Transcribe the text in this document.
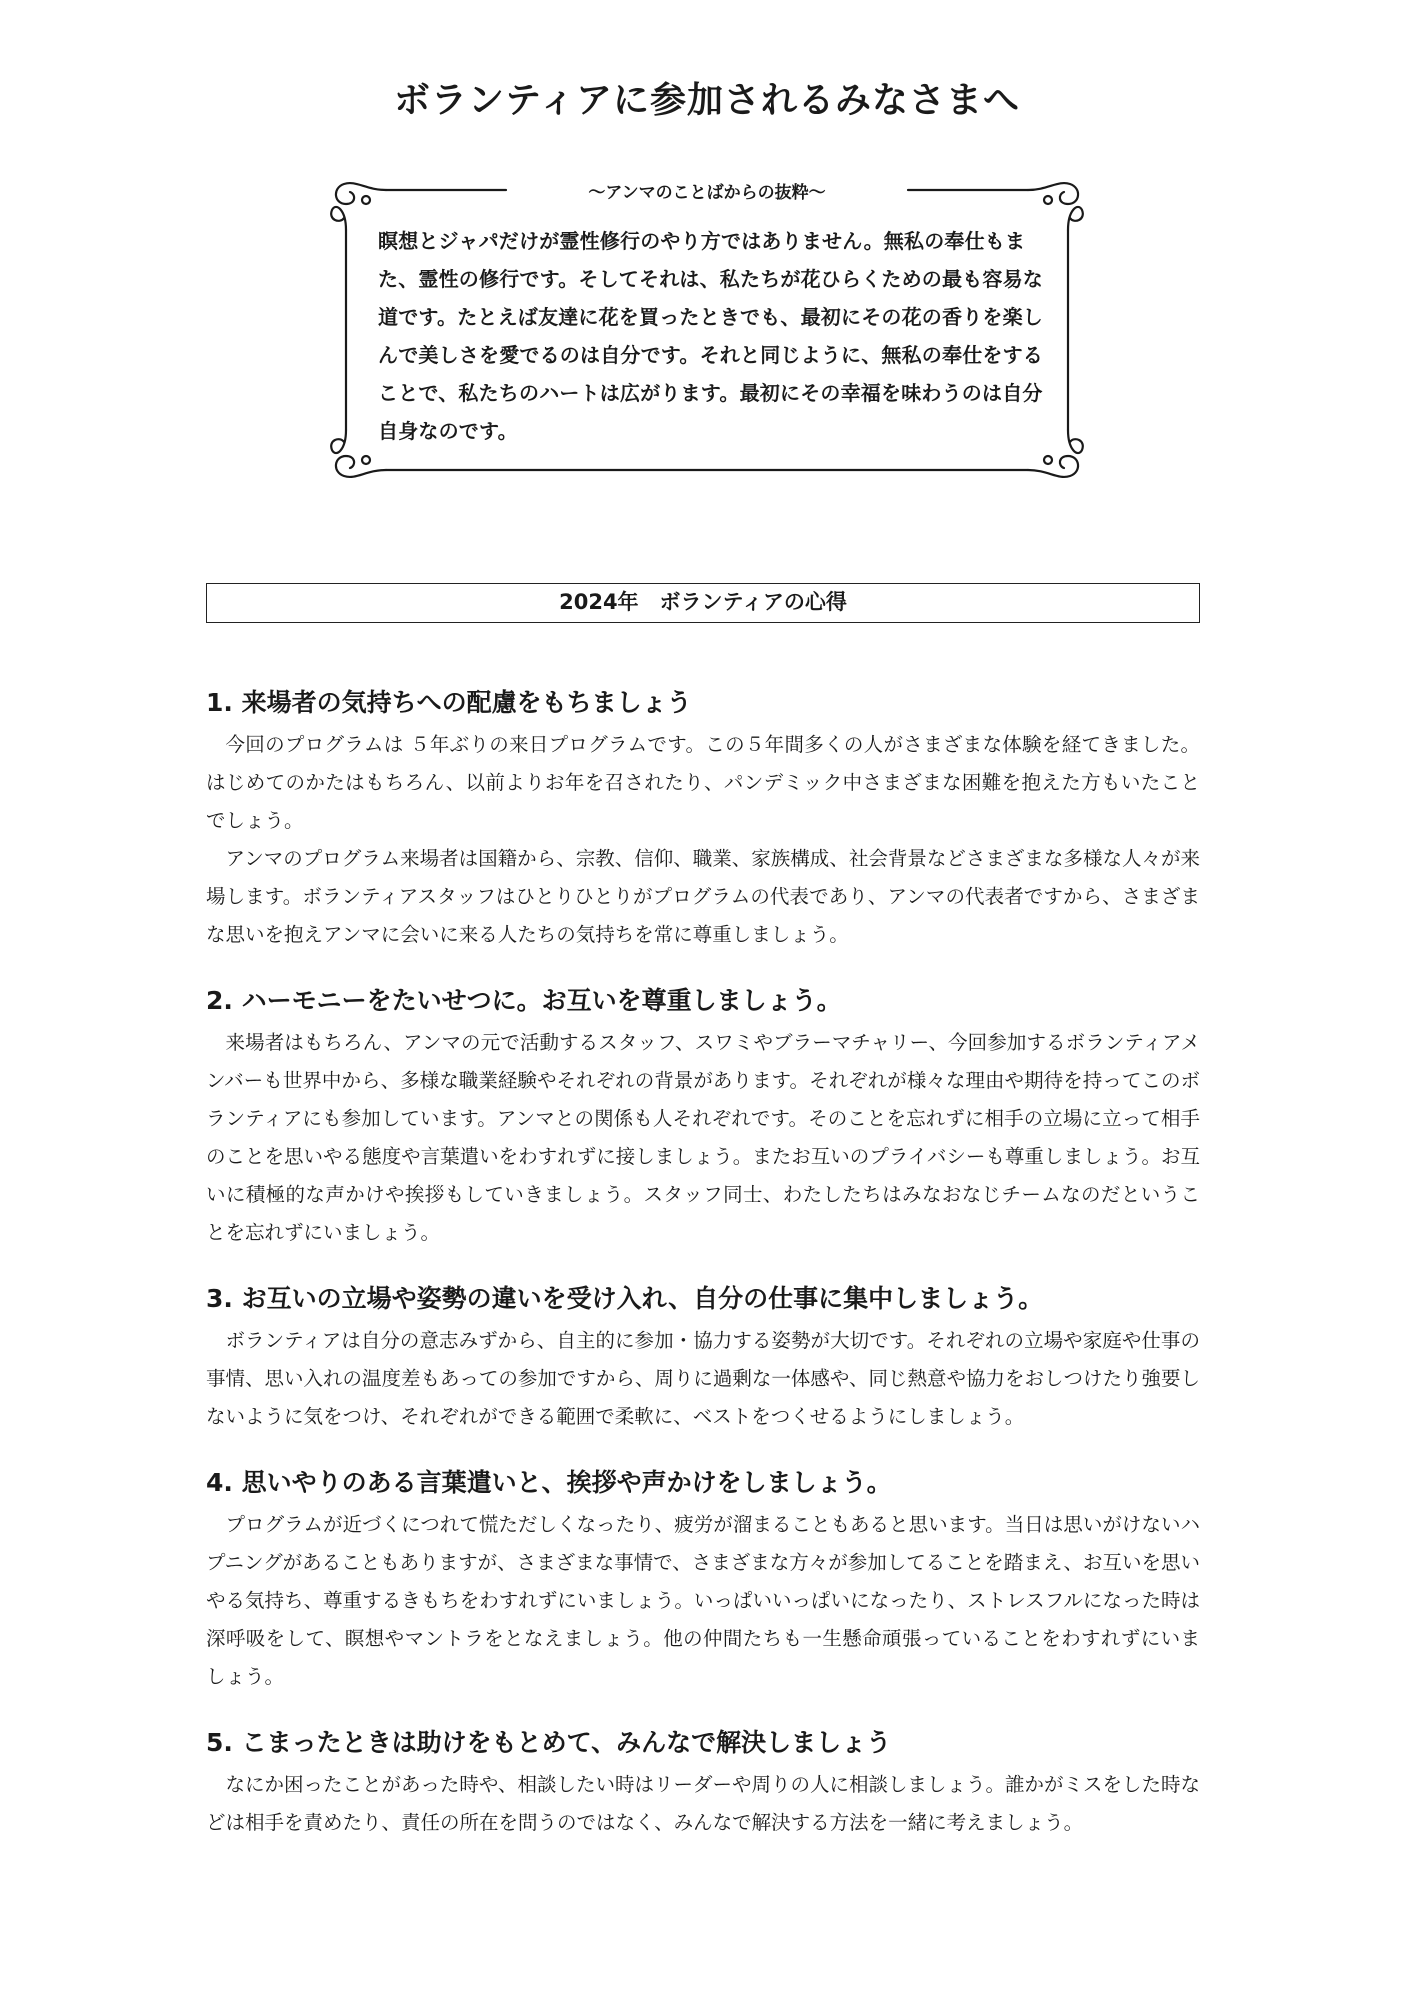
ボランティアに参加されるみなさまへ
～アンマのことばからの抜粋～

瞑想とジャパだけが霊性修行のやり方ではありません。無私の奉仕もまた、霊性の修行です。そしてそれは、私たちが花ひらくための最も容易な道です。たとえば友達に花を買ったときでも、最初にその花の香りを楽しんで美しさを愛でるのは自分です。それと同じように、無私の奉仕をすることで、私たちのハートは広がります。最初にその幸福を味わうのは自分自身なのです。

2024年　ボランティアの心得
1. 来場者の気持ちへの配慮をもちましょう

今回のプログラムは ５年ぶりの来日プログラムです。この５年間多くの人がさまざまな体験を経てきました。はじめてのかたはもちろん、以前よりお年を召されたり、パンデミック中さまざまな困難を抱えた方もいたことでしょう。

アンマのプログラム来場者は国籍から、宗教、信仰、職業、家族構成、社会背景などさまざまな多様な人々が来場します。ボランティアスタッフはひとりひとりがプログラムの代表であり、アンマの代表者ですから、さまざまな思いを抱えアンマに会いに来る人たちの気持ちを常に尊重しましょう。

2. ハーモニーをたいせつに。お互いを尊重しましょう。

来場者はもちろん、アンマの元で活動するスタッフ、スワミやブラーマチャリー、今回参加するボランティアメンバーも世界中から、多様な職業経験やそれぞれの背景があります。それぞれが様々な理由や期待を持ってこのボランティアにも参加しています。アンマとの関係も人それぞれです。そのことを忘れずに相手の立場に立って相手のことを思いやる態度や言葉遣いをわすれずに接しましょう。またお互いのプライバシーも尊重しましょう。お互いに積極的な声かけや挨拶もしていきましょう。スタッフ同士、わたしたちはみなおなじチームなのだということを忘れずにいましょう。

3. お互いの立場や姿勢の違いを受け入れ、自分の仕事に集中しましょう。

ボランティアは自分の意志みずから、自主的に参加・協力する姿勢が大切です。それぞれの立場や家庭や仕事の事情、思い入れの温度差もあっての参加ですから、周りに過剰な一体感や、同じ熱意や協力をおしつけたり強要しないように気をつけ、それぞれができる範囲で柔軟に、ベストをつくせるようにしましょう。

4. 思いやりのある言葉遣いと、挨拶や声かけをしましょう。

プログラムが近づくにつれて慌ただしくなったり、疲労が溜まることもあると思います。当日は思いがけないハプニングがあることもありますが、さまざまな事情で、さまざまな方々が参加してることを踏まえ、お互いを思いやる気持ち、尊重するきもちをわすれずにいましょう。いっぱいいっぱいになったり、ストレスフルになった時は深呼吸をして、瞑想やマントラをとなえましょう。他の仲間たちも一生懸命頑張っていることをわすれずにいましょう。

5. こまったときは助けをもとめて、みんなで解決しましょう

なにか困ったことがあった時や、相談したい時はリーダーや周りの人に相談しましょう。誰かがミスをした時などは相手を責めたり、責任の所在を問うのではなく、みんなで解決する方法を一緒に考えましょう。
